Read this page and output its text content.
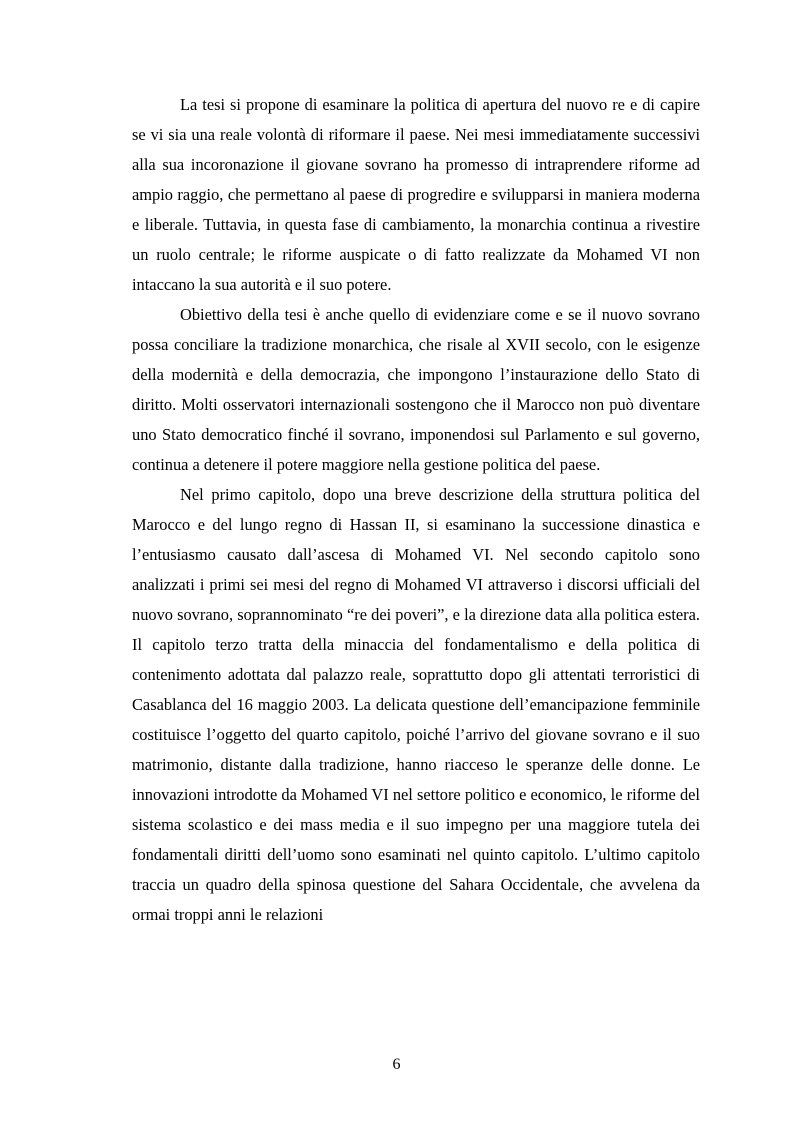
La tesi si propone di esaminare la politica di apertura del nuovo re e di capire se vi sia una reale volontà di riformare il paese. Nei mesi immediatamente successivi alla sua incoronazione il giovane sovrano ha promesso di intraprendere riforme ad ampio raggio, che permettano al paese di progredire e svilupparsi in maniera moderna e liberale. Tuttavia, in questa fase di cambiamento, la monarchia continua a rivestire un ruolo centrale; le riforme auspicate o di fatto realizzate da Mohamed VI non intaccano la sua autorità e il suo potere.

Obiettivo della tesi è anche quello di evidenziare come e se il nuovo sovrano possa conciliare la tradizione monarchica, che risale al XVII secolo, con le esigenze della modernità e della democrazia, che impongono l’instaurazione dello Stato di diritto. Molti osservatori internazionali sostengono che il Marocco non può diventare uno Stato democratico finché il sovrano, imponendosi sul Parlamento e sul governo, continua a detenere il potere maggiore nella gestione politica del paese.

Nel primo capitolo, dopo una breve descrizione della struttura politica del Marocco e del lungo regno di Hassan II, si esaminano la successione dinastica e l’entusiasmo causato dall’ascesa di Mohamed VI. Nel secondo capitolo sono analizzati i primi sei mesi del regno di Mohamed VI attraverso i discorsi ufficiali del nuovo sovrano, soprannominato “re dei poveri”, e la direzione data alla politica estera. Il capitolo terzo tratta della minaccia del fondamentalismo e della politica di contenimento adottata dal palazzo reale, soprattutto dopo gli attentati terroristici di Casablanca del 16 maggio 2003. La delicata questione dell’emancipazione femminile costituisce l’oggetto del quarto capitolo, poiché l’arrivo del giovane sovrano e il suo matrimonio, distante dalla tradizione, hanno riacceso le speranze delle donne. Le innovazioni introdotte da Mohamed VI nel settore politico e economico, le riforme del sistema scolastico e dei mass media e il suo impegno per una maggiore tutela dei fondamentali diritti dell’uomo sono esaminati nel quinto capitolo. L’ultimo capitolo traccia un quadro della spinosa questione del Sahara Occidentale, che avvelena da ormai troppi anni le relazioni

6
